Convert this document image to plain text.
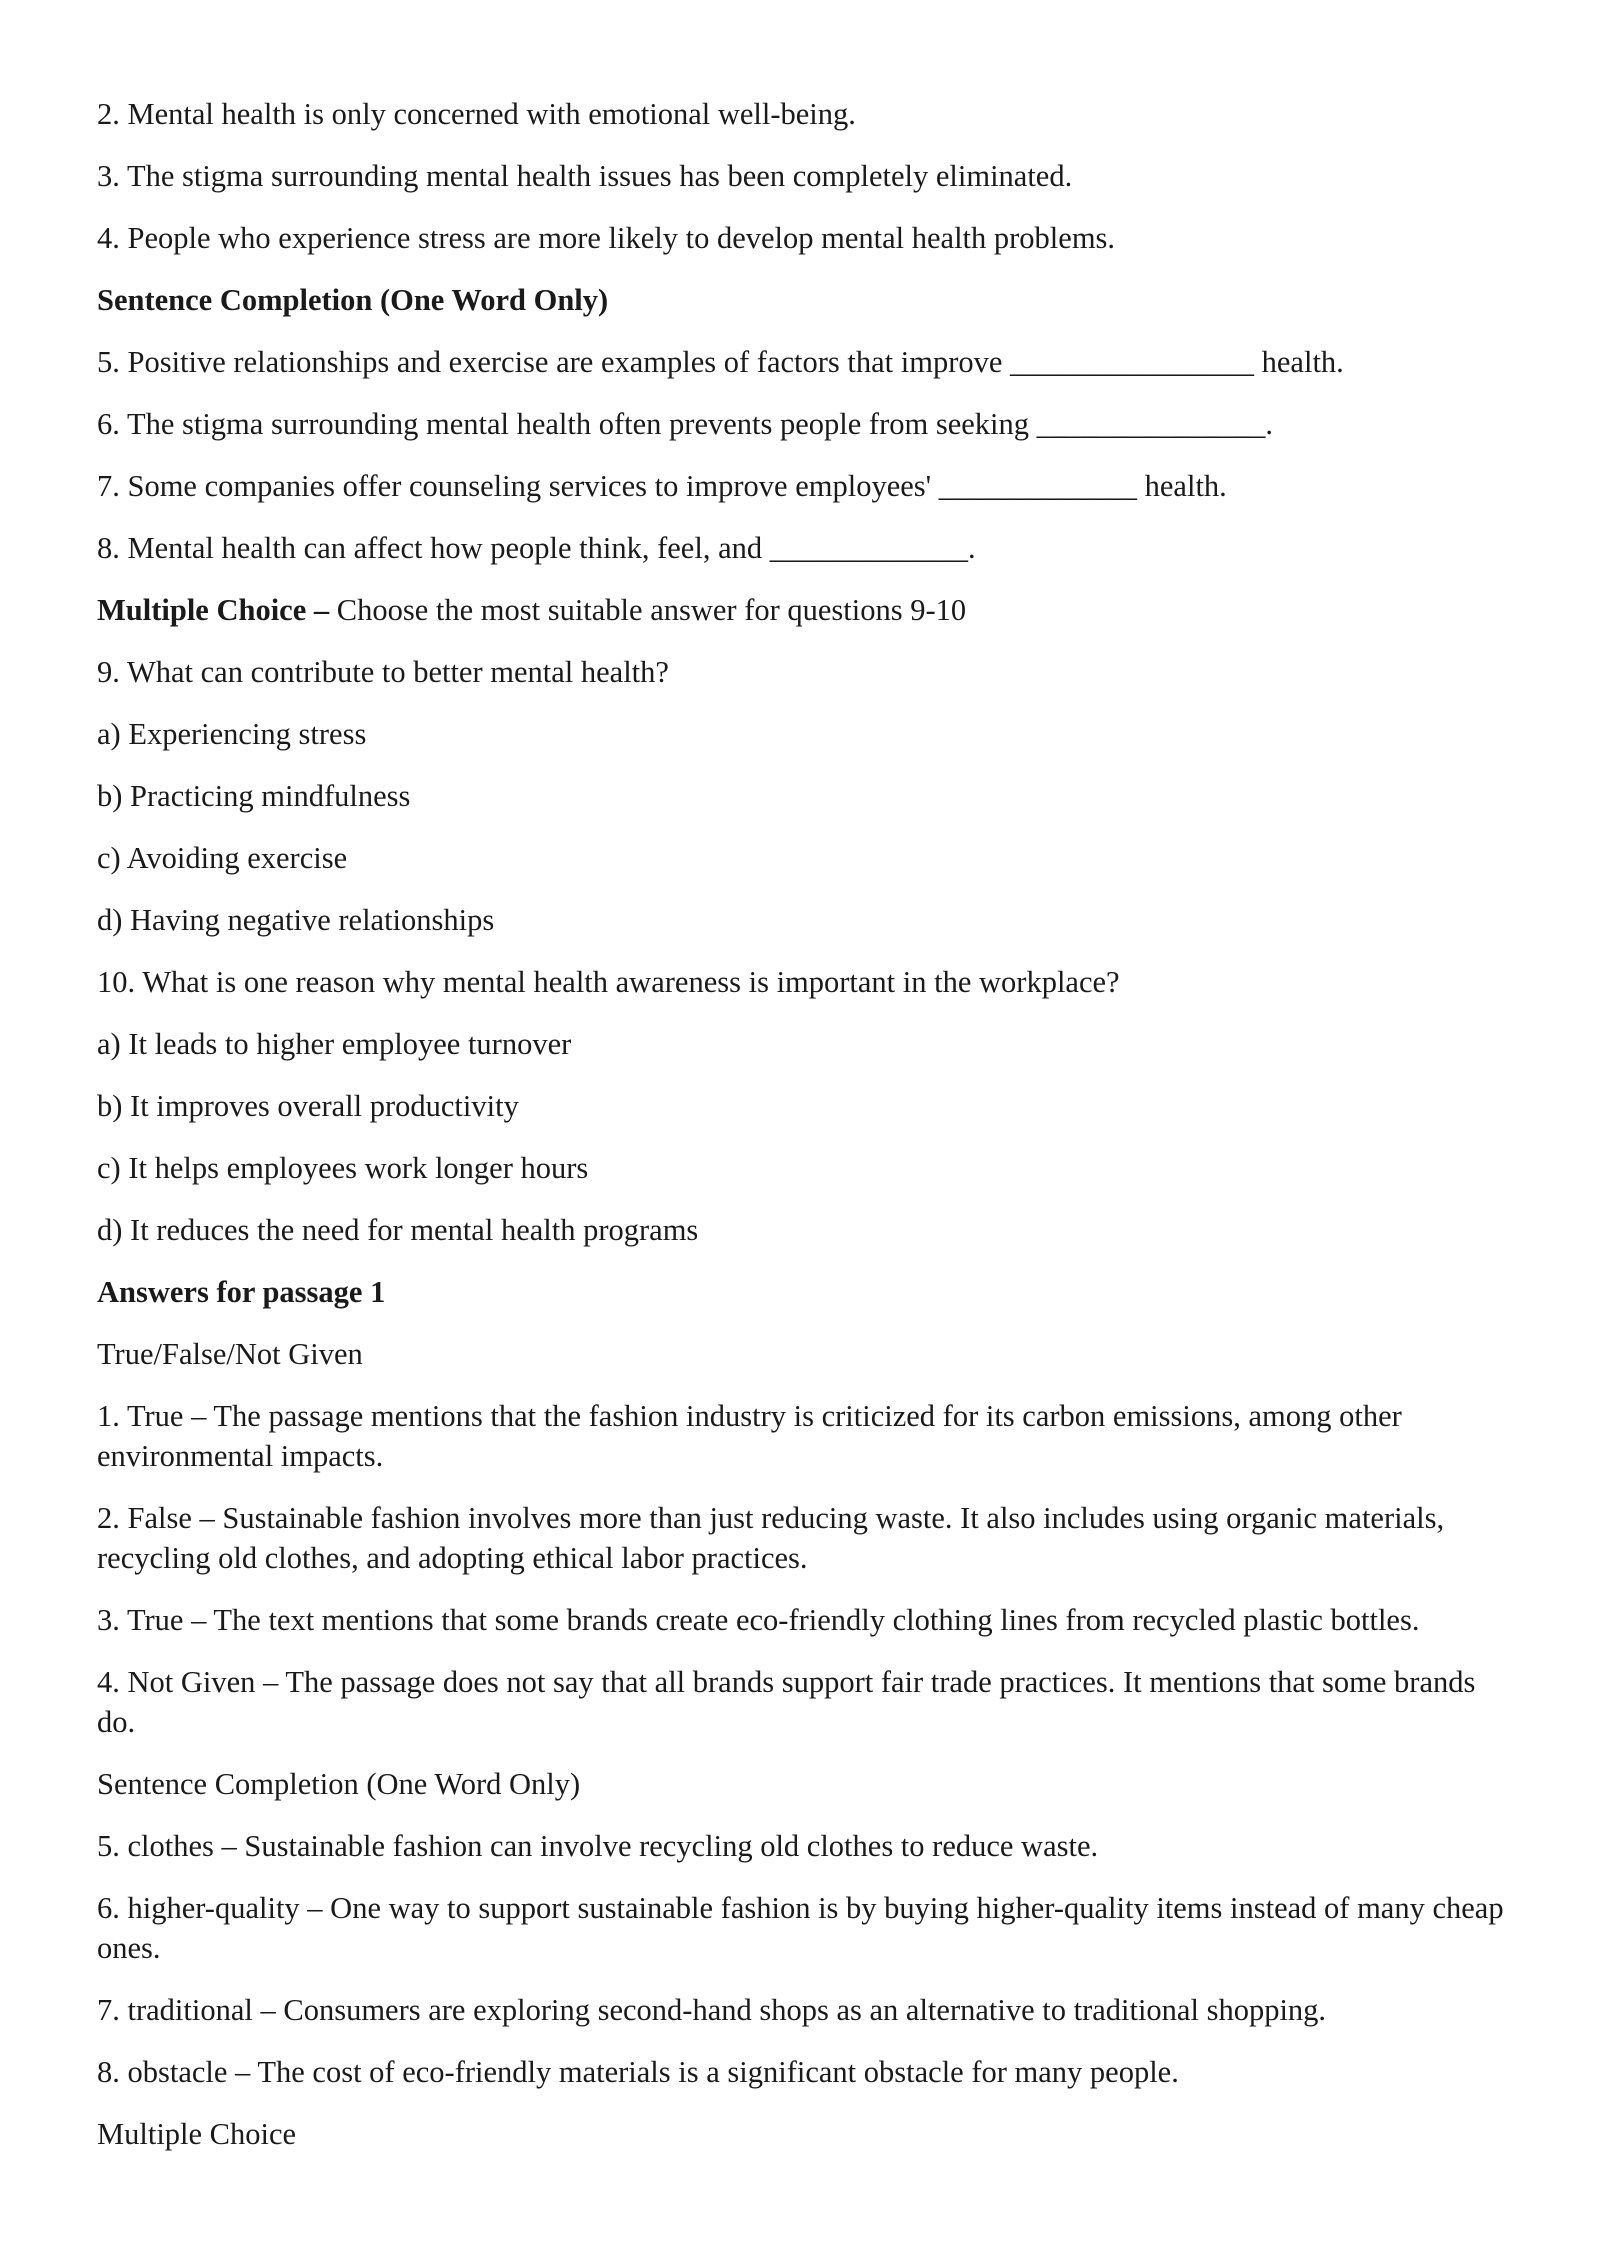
2. Mental health is only concerned with emotional well-being.

3. The stigma surrounding mental health issues has been completely eliminated.

4. People who experience stress are more likely to develop mental health problems.

Sentence Completion (One Word Only)

5. Positive relationships and exercise are examples of factors that improve ________________ health.

6. The stigma surrounding mental health often prevents people from seeking _______________.

7. Some companies offer counseling services to improve employees' _____________ health.

8. Mental health can affect how people think, feel, and _____________.

Multiple Choice – Choose the most suitable answer for questions 9-10

9. What can contribute to better mental health?

a) Experiencing stress

b) Practicing mindfulness

c) Avoiding exercise

d) Having negative relationships

10. What is one reason why mental health awareness is important in the workplace?

a) It leads to higher employee turnover

b) It improves overall productivity

c) It helps employees work longer hours

d) It reduces the need for mental health programs

Answers for passage 1

True/False/Not Given

1. True – The passage mentions that the fashion industry is criticized for its carbon emissions, among other environmental impacts.

2. False – Sustainable fashion involves more than just reducing waste. It also includes using organic materials, recycling old clothes, and adopting ethical labor practices.

3. True – The text mentions that some brands create eco-friendly clothing lines from recycled plastic bottles.

4. Not Given – The passage does not say that all brands support fair trade practices. It mentions that some brands do.

Sentence Completion (One Word Only)

5. clothes – Sustainable fashion can involve recycling old clothes to reduce waste.

6. higher-quality – One way to support sustainable fashion is by buying higher-quality items instead of many cheap ones.

7. traditional – Consumers are exploring second-hand shops as an alternative to traditional shopping.

8. obstacle – The cost of eco-friendly materials is a significant obstacle for many people.

Multiple Choice
